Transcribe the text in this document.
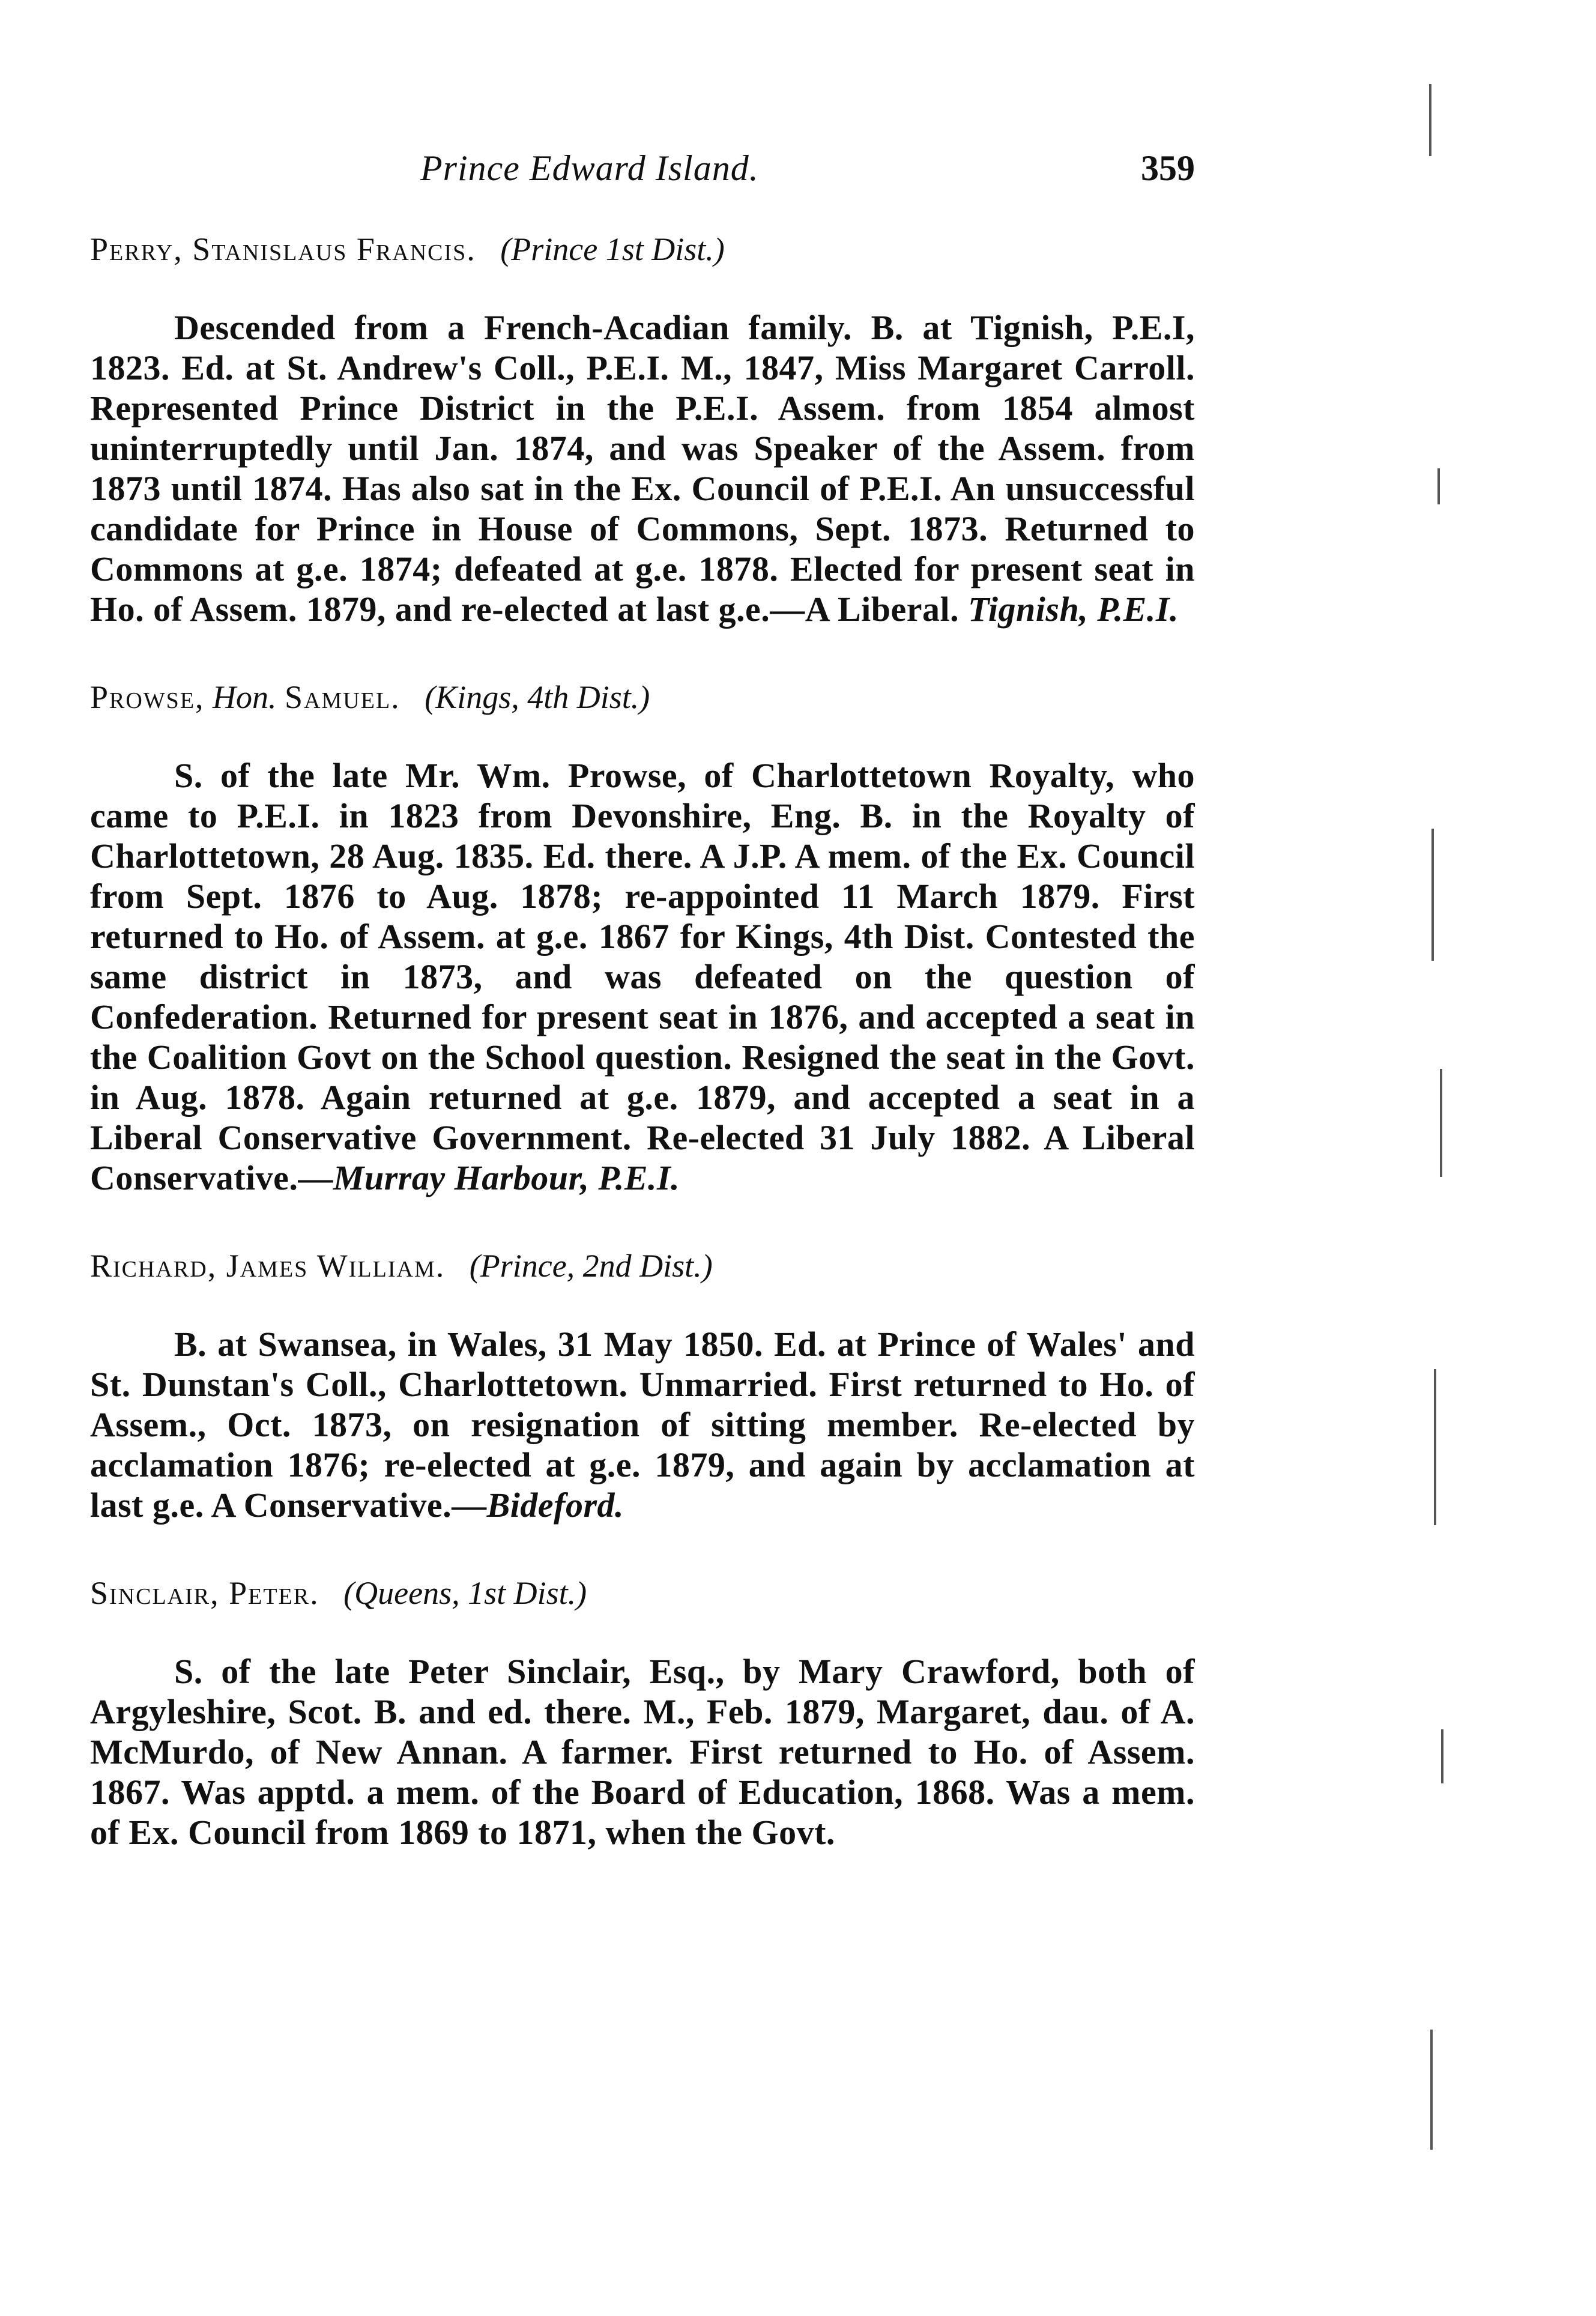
Prince Edward Island.	359
Perry, Stanislaus Francis. (Prince 1st Dist.)

Descended from a French-Acadian family. B. at Tignish, P.E.I, 1823. Ed. at St. Andrew's Coll., P.E.I. M., 1847, Miss Margaret Carroll. Represented Prince District in the P.E.I. Assem. from 1854 almost uninterruptedly until Jan. 1874, and was Speaker of the Assem. from 1873 until 1874. Has also sat in the Ex. Council of P.E.I. An unsuccessful candidate for Prince in House of Commons, Sept. 1873. Returned to Commons at g.e. 1874; defeated at g.e. 1878. Elected for present seat in Ho. of Assem. 1879, and re-elected at last g.e.—A Liberal. Tignish, P.E.I.

Prowse, Hon. Samuel. (Kings, 4th Dist.)

S. of the late Mr. Wm. Prowse, of Charlottetown Royalty, who came to P.E.I. in 1823 from Devonshire, Eng. B. in the Royalty of Charlottetown, 28 Aug. 1835. Ed. there. A J.P. A mem. of the Ex. Council from Sept. 1876 to Aug. 1878; re-appointed 11 March 1879. First returned to Ho. of Assem. at g.e. 1867 for Kings, 4th Dist. Contested the same district in 1873, and was defeated on the question of Confederation. Returned for present seat in 1876, and accepted a seat in the Coalition Govt on the School question. Resigned the seat in the Govt. in Aug. 1878. Again returned at g.e. 1879, and accepted a seat in a Liberal Conservative Government. Re-elected 31 July 1882. A Liberal Conservative.—Murray Harbour, P.E.I.

Richard, James William. (Prince, 2nd Dist.)

B. at Swansea, in Wales, 31 May 1850. Ed. at Prince of Wales' and St. Dunstan's Coll., Charlottetown. Unmarried. First returned to Ho. of Assem., Oct. 1873, on resignation of sitting member. Re-elected by acclamation 1876; re-elected at g.e. 1879, and again by acclamation at last g.e. A Conservative.—Bideford.

Sinclair, Peter. (Queens, 1st Dist.)

S. of the late Peter Sinclair, Esq., by Mary Crawford, both of Argyleshire, Scot. B. and ed. there. M., Feb. 1879, Margaret, dau. of A. McMurdo, of New Annan. A farmer. First returned to Ho. of Assem. 1867. Was apptd. a mem. of the Board of Education, 1868. Was a mem. of Ex. Council from 1869 to 1871, when the Govt.
